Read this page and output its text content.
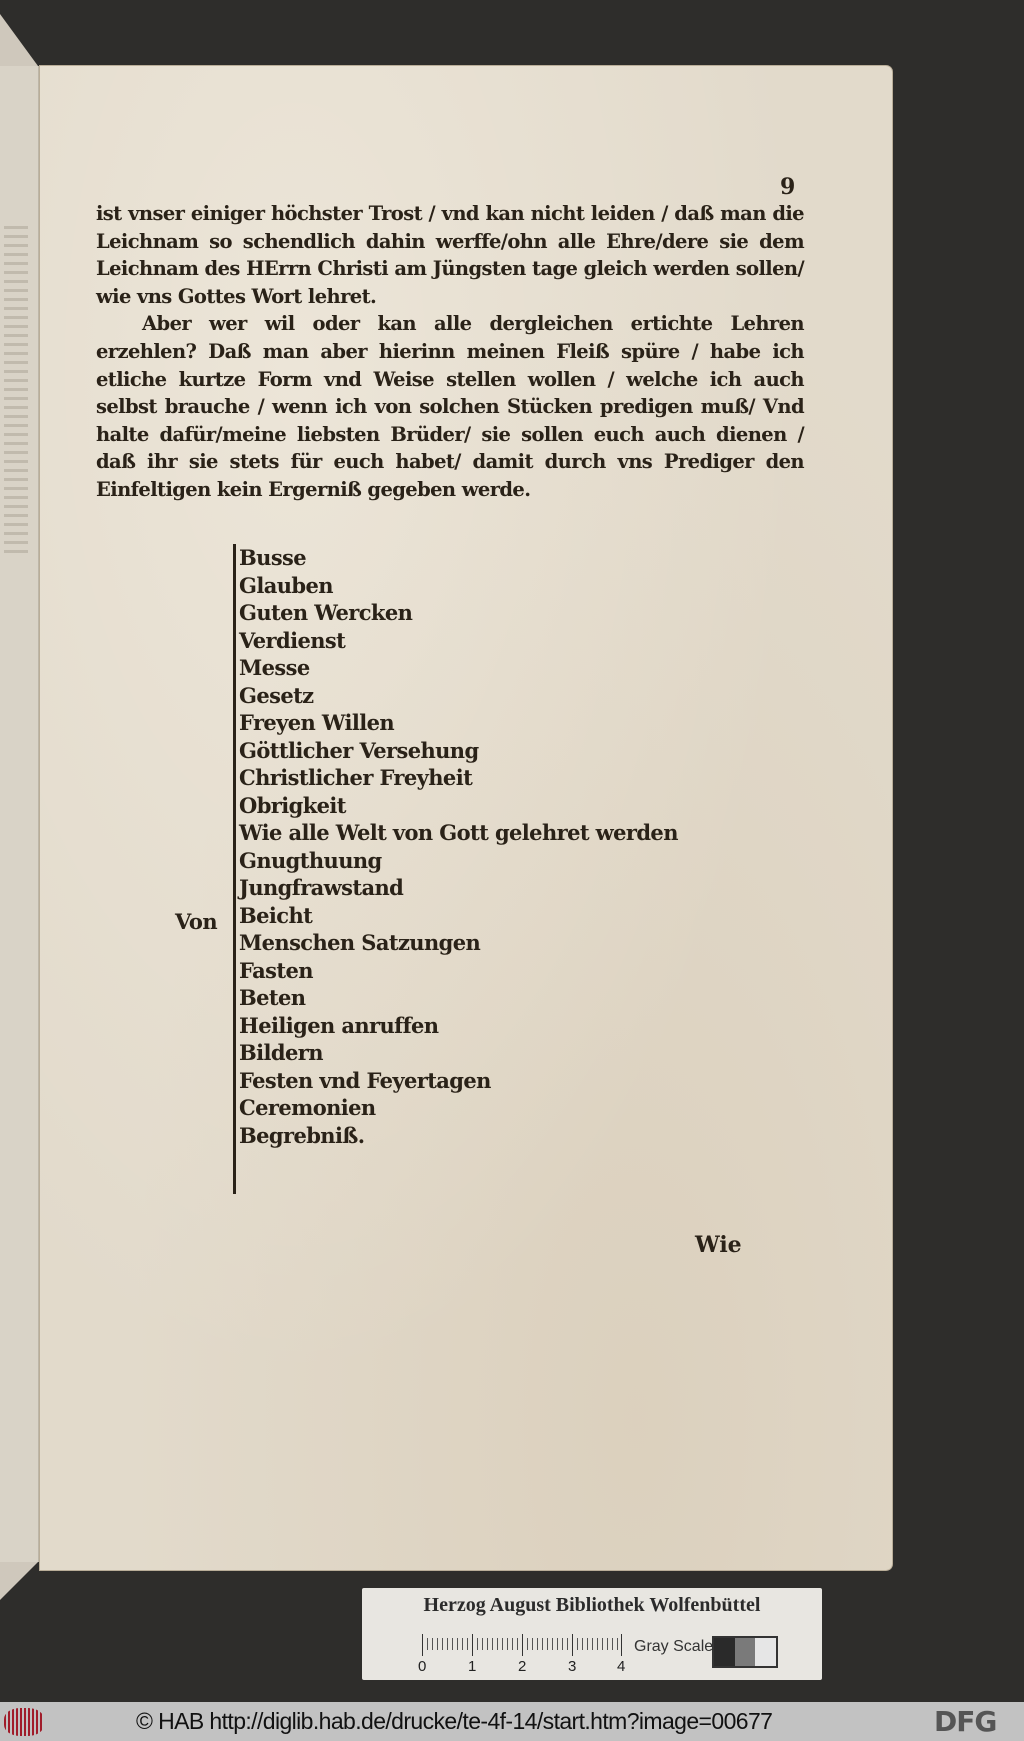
9

ist vnser einiger höchster Trost / vnd kan nicht leiden / daß man die Leichnam so schendlich dahin werffe/ohn alle Ehre/dere sie dem Leichnam des HErrn Christi am Jüngsten tage gleich werden sollen/ wie vns Gottes Wort lehret.

Aber wer wil oder kan alle dergleichen ertichte Lehren erzehlen? Daß man aber hierinn meinen Fleiß spüre / habe ich etliche kurtze Form vnd Weise stellen wollen / welche ich auch selbst brauche / wenn ich von solchen Stücken predigen muß/ Vnd halte dafür/meine liebsten Brüder/ sie sollen euch auch dienen / daß ihr sie stets für euch habet/ damit durch vns Prediger den Einfeltigen kein Ergerniß gegeben werde.

Von
Busse
Glauben
Guten Wercken
Verdienst
Messe
Gesetz
Freyen Willen
Göttlicher Versehung
Christlicher Freyheit
Obrigkeit
Wie alle Welt von Gott gelehret werden
Gnugthuung
Jungfrawstand
Beicht
Menschen Satzungen
Fasten
Beten
Heiligen anruffen
Bildern
Festen vnd Feyertagen
Ceremonien
Begrebniß.
Wie
Herzog August Bibliothek Wolfenbüttel
0	1	2	3	4
Gray Scale
© HAB http://diglib.hab.de/drucke/te-4f-14/start.htm?image=00677	DFG
